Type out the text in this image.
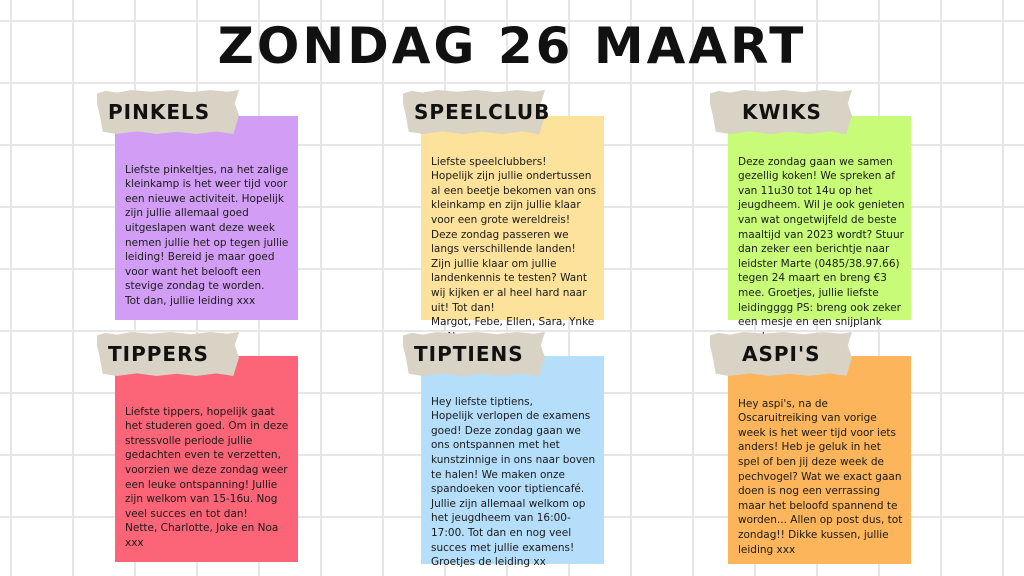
ZONDAG 26 MAART

Liefste pinkeltjes, na het zalige kleinkamp is het weer tijd voor een nieuwe activiteit. Hopelijk zijn jullie allemaal goed uitgeslapen want deze week nemen jullie het op tegen jullie leiding! Bereid je maar goed voor want het belooft een stevige zondag te worden.
Tot dan, jullie leiding xxx

PINKELS

Liefste speelclubbers!
Hopelijk zijn jullie ondertussen al een beetje bekomen van ons kleinkamp en zijn jullie klaar voor een grote wereldreis! Deze zondag passeren we langs verschillende landen! Zijn jullie klaar om jullie landenkennis te testen? Want wij kijken er al heel hard naar uit! Tot dan!
Margot, Febe, Ellen, Sara, Ynke

SPEELCLUB

Deze zondag gaan we samen gezellig koken! We spreken af van 11u30 tot 14u op het jeugdheem. Wil je ook genieten van wat ongetwijfeld de beste maaltijd van 2023 wordt? Stuur dan zeker een berichtje naar leidster Marte (0485/38.97.66) tegen 24 maart en breng €3 mee. Groetjes, jullie liefste leidingggg PS: breng ook zeker een mesje en een snijplank

KWIKS

Liefste tippers, hopelijk gaat het studeren goed. Om in deze stressvolle periode jullie gedachten even te verzetten, voorzien we deze zondag weer een leuke ontspanning! Jullie zijn welkom van 15-16u. Nog veel succes en tot dan!
Nette, Charlotte, Joke en Noa xxx

TIPPERS

Hey liefste tiptiens,
Hopelijk verlopen de examens goed! Deze zondag gaan we ons ontspannen met het kunstzinnige in ons naar boven te halen! We maken onze spandoeken voor tiptiencafé. Jullie zijn allemaal welkom op het jeugdheem van 16:00-17:00. Tot dan en nog veel succes met jullie examens!
Groetjes de leiding xx

TIPTIENS

Hey aspi's, na de Oscaruitreiking van vorige week is het weer tijd voor iets anders! Heb je geluk in het spel of ben jij deze week de pechvogel? Wat we exact gaan doen is nog een verrassing maar het beloofd spannend te worden... Allen op post dus, tot zondag!! Dikke kussen, jullie leiding xxx

ASPI'S
